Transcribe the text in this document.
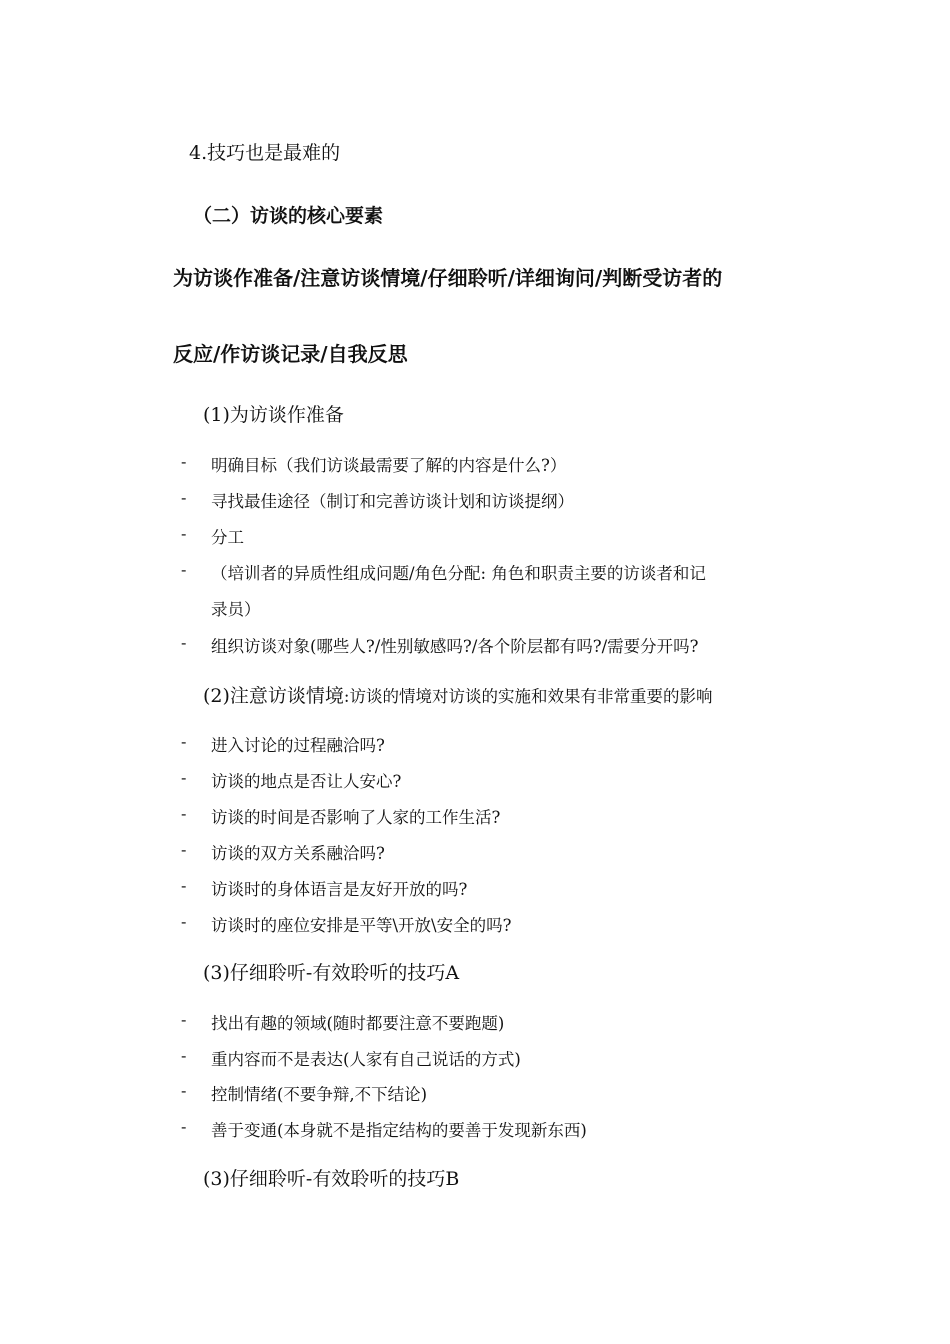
4.技巧也是最难的
（二）访谈的核心要素
为访谈作准备/注意访谈情境/仔细聆听/详细询问/判断受访者的
反应/作访谈记录/自我反思
(1)为访谈作准备
- 明确目标（我们访谈最需要了解的内容是什么?）
- 寻找最佳途径（制订和完善访谈计划和访谈提纲）
- 分工
- （培训者的异质性组成问题/角色分配: 角色和职责主要的访谈者和记
录员）
- 组织访谈对象(哪些人?/性别敏感吗?/各个阶层都有吗?/需要分开吗?
(2)注意访谈情境:访谈的情境对访谈的实施和效果有非常重要的影响
- 进入讨论的过程融洽吗?
- 访谈的地点是否让人安心?
- 访谈的时间是否影响了人家的工作生活?
- 访谈的双方关系融洽吗?
- 访谈时的身体语言是友好开放的吗?
- 访谈时的座位安排是平等\开放\安全的吗?
(3)仔细聆听-有效聆听的技巧A
- 找出有趣的领域(随时都要注意不要跑题)
- 重内容而不是表达(人家有自己说话的方式)
- 控制情绪(不要争辩,不下结论)
- 善于变通(本身就不是指定结构的要善于发现新东西)
(3)仔细聆听-有效聆听的技巧B
